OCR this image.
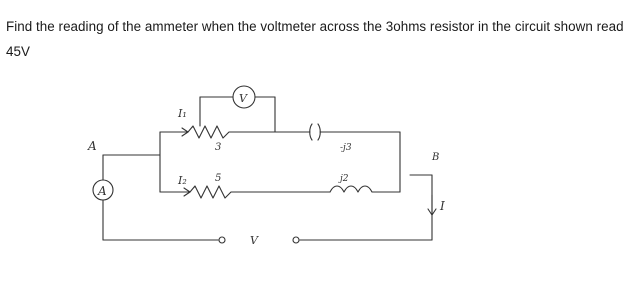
Find the reading of the ammeter when the voltmeter across the 3ohms resistor in the circuit shown read 45V

A
A
V
B
I
I₁
3	-j3
V
I₂	5	j2
